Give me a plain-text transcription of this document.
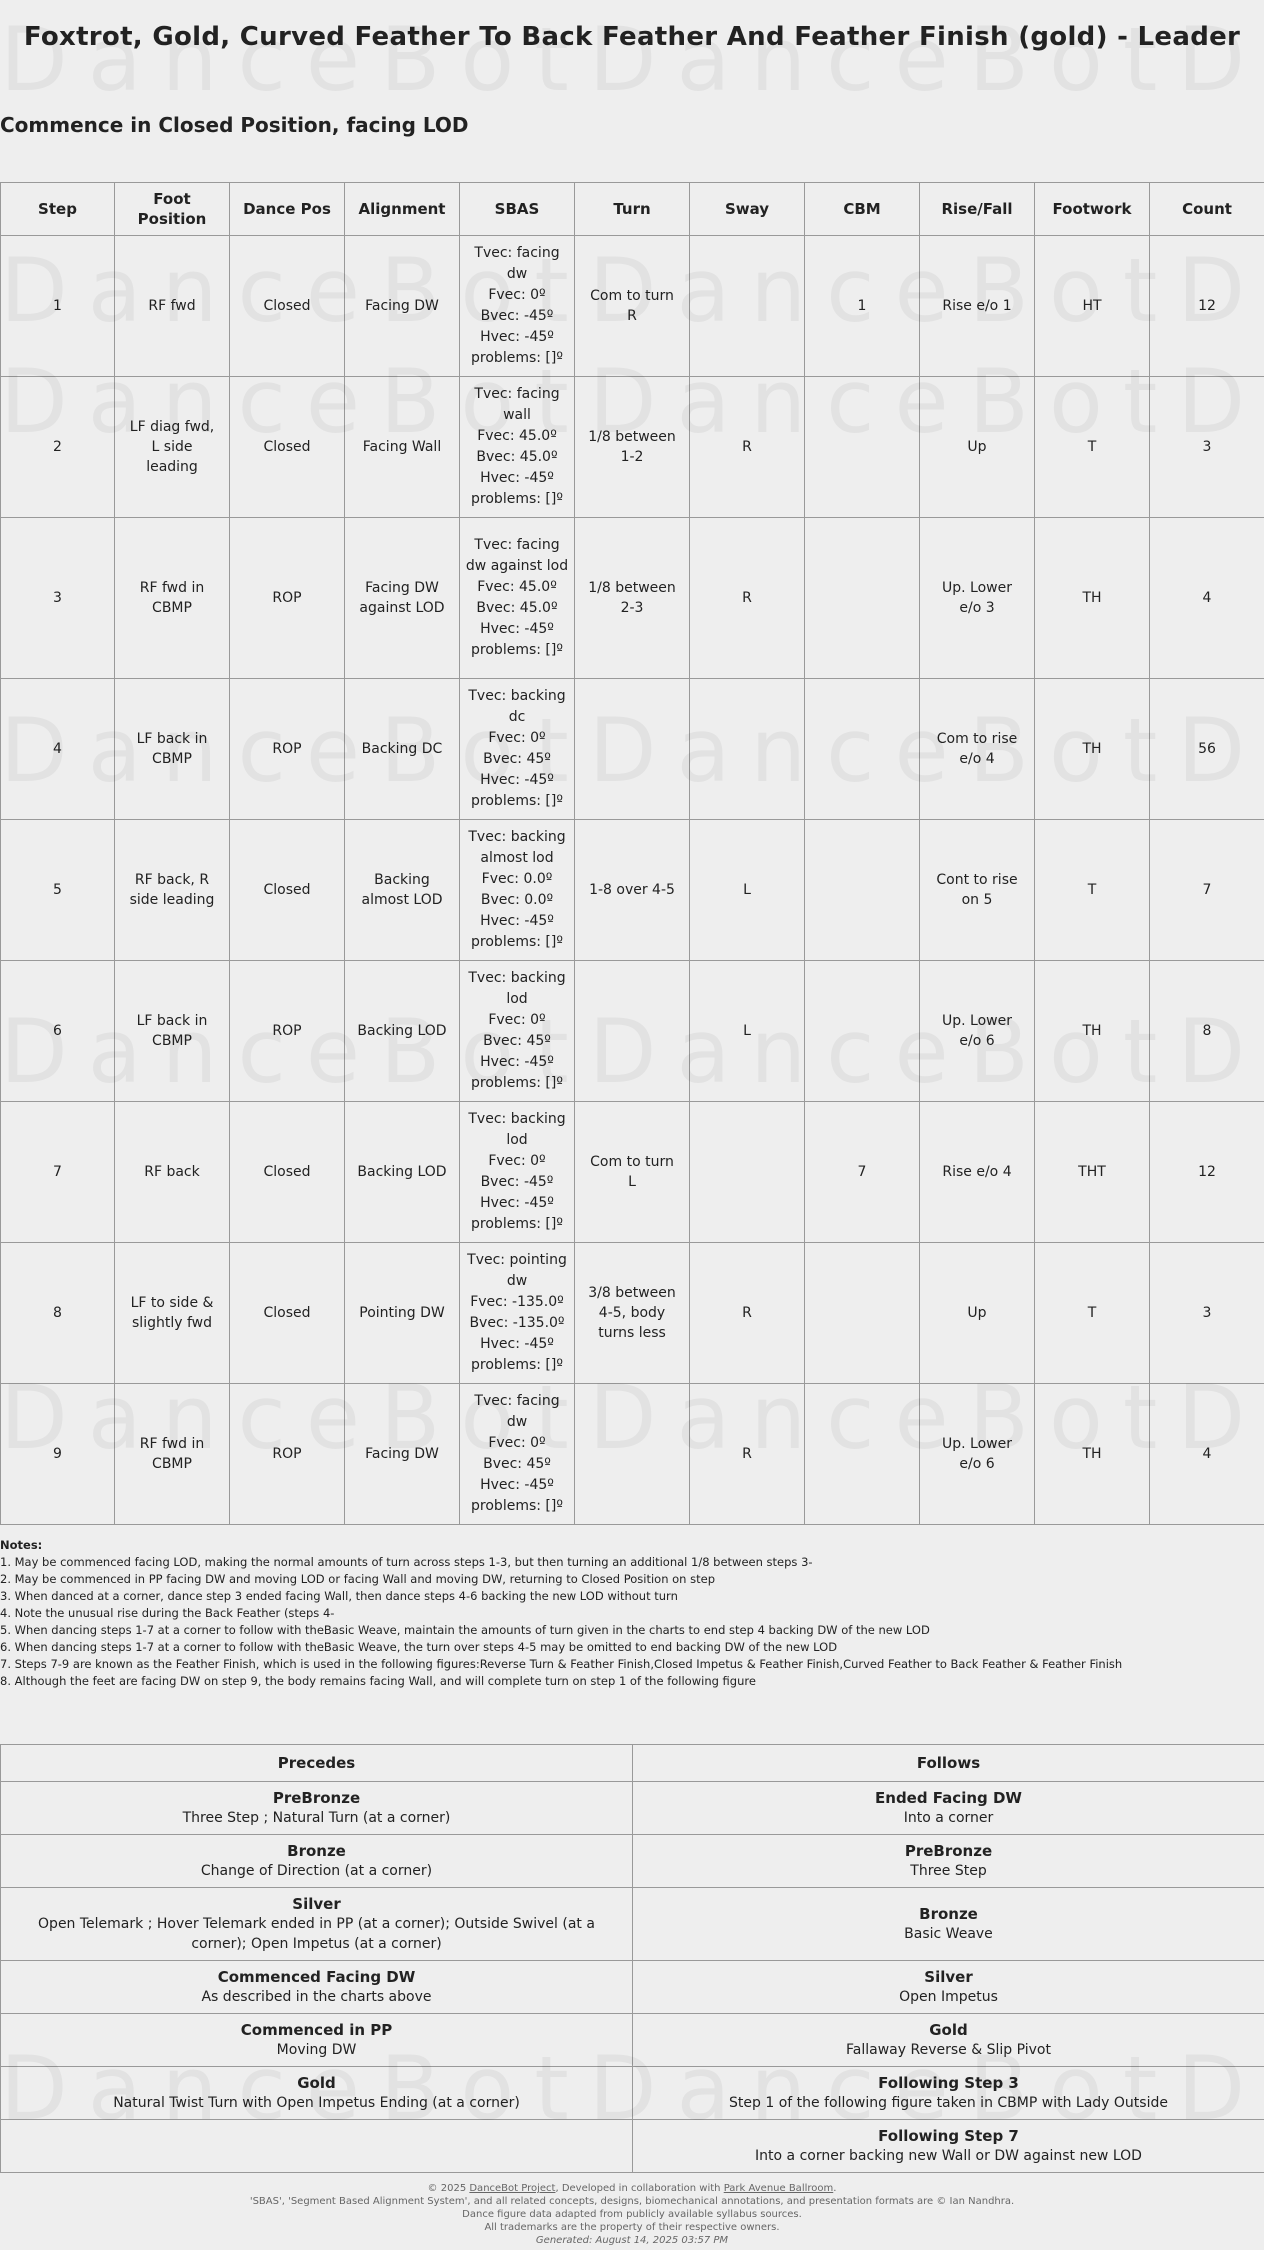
Foxtrot, Gold, Curved Feather To Back Feather And Feather Finish (gold) - Leader
Commence in Closed Position, facing LOD
Step	Foot Position	Dance Pos	Alignment	SBAS	Turn	Sway	CBM	Rise/Fall	Footwork	Count
1	RF fwd	Closed	Facing DW	Tvec: facing dw
Fvec: 0º
Bvec: -45º
Hvec: -45º
problems: []º	Com to turn R		1	Rise e/o 1	HT	12
2	LF diag fwd, L side leading	Closed	Facing Wall	Tvec: facing wall
Fvec: 45.0º
Bvec: 45.0º
Hvec: -45º
problems: []º	1/8 between 1-2	R		Up	T	3
3	RF fwd in CBMP	ROP	Facing DW against LOD	Tvec: facing dw against lod
Fvec: 45.0º
Bvec: 45.0º
Hvec: -45º
problems: []º	1/8 between 2-3	R		Up. Lower e/o 3	TH	4
4	LF back in CBMP	ROP	Backing DC	Tvec: backing dc
Fvec: 0º
Bvec: 45º
Hvec: -45º
problems: []º				Com to rise e/o 4	TH	56
5	RF back, R side leading	Closed	Backing almost LOD	Tvec: backing almost lod
Fvec: 0.0º
Bvec: 0.0º
Hvec: -45º
problems: []º	1-8 over 4-5	L		Cont to rise on 5	T	7
6	LF back in CBMP	ROP	Backing LOD	Tvec: backing lod
Fvec: 0º
Bvec: 45º
Hvec: -45º
problems: []º		L		Up. Lower e/o 6	TH	8
7	RF back	Closed	Backing LOD	Tvec: backing lod
Fvec: 0º
Bvec: -45º
Hvec: -45º
problems: []º	Com to turn L		7	Rise e/o 4	THT	12
8	LF to side & slightly fwd	Closed	Pointing DW	Tvec: pointing dw
Fvec: -135.0º
Bvec: -135.0º
Hvec: -45º
problems: []º	3/8 between 4-5, body turns less	R		Up	T	3
9	RF fwd in CBMP	ROP	Facing DW	Tvec: facing dw
Fvec: 0º
Bvec: 45º
Hvec: -45º
problems: []º		R		Up. Lower e/o 6	TH	4
Notes:
1. May be commenced facing LOD, making the normal amounts of turn across steps 1-3, but then turning an additional 1/8 between steps 3-
2. May be commenced in PP facing DW and moving LOD or facing Wall and moving DW, returning to Closed Position on step
3. When danced at a corner, dance step 3 ended facing Wall, then dance steps 4-6 backing the new LOD without turn
4. Note the unusual rise during the Back Feather (steps 4-
5. When dancing steps 1-7 at a corner to follow with theBasic Weave, maintain the amounts of turn given in the charts to end step 4 backing DW of the new LOD
6. When dancing steps 1-7 at a corner to follow with theBasic Weave, the turn over steps 4-5 may be omitted to end backing DW of the new LOD
7. Steps 7-9 are known as the Feather Finish, which is used in the following figures:Reverse Turn & Feather Finish,Closed Impetus & Feather Finish,Curved Feather to Back Feather & Feather Finish
8. Although the feet are facing DW on step 9, the body remains facing Wall, and will complete turn on step 1 of the following figure
Precedes	Follows

PreBronze
Three Step ; Natural Turn (at a corner)	Ended Facing DW
Into a corner

Bronze
Change of Direction (at a corner)	PreBronze
Three Step

Silver
Open Telemark ; Hover Telemark ended in PP (at a corner); Outside Swivel (at a corner); Open Impetus (at a corner)	Bronze
Basic Weave

Commenced Facing DW
As described in the charts above	Silver
Open Impetus

Commenced in PP
Moving DW	Gold
Fallaway Reverse & Slip Pivot

Gold
Natural Twist Turn with Open Impetus Ending (at a corner)	Following Step 3
Step 1 of the following figure taken in CBMP with Lady Outside

	Following Step 7
Into a corner backing new Wall or DW against new LOD
© 2025 DanceBot Project, Developed in collaboration with Park Avenue Ballroom.
'SBAS', 'Segment Based Alignment System', and all related concepts, designs, biomechanical annotations, and presentation formats are © Ian Nandhra.
Dance figure data adapted from publicly available syllabus sources.
All trademarks are the property of their respective owners.
Generated: August 14, 2025 03:57 PM
